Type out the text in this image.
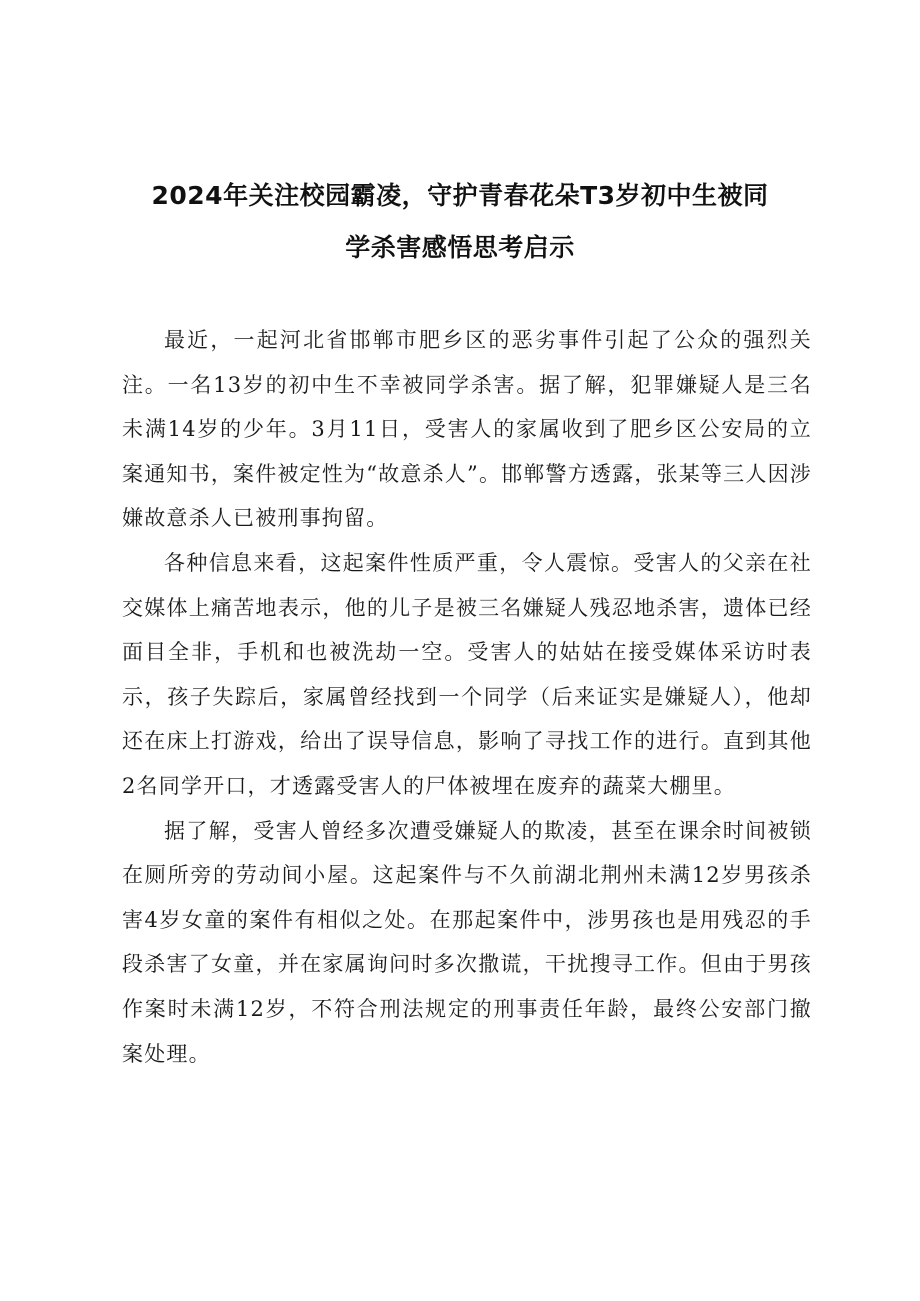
2024年关注校园霸凌，守护青春花朵T3岁初中生被同
学杀害感悟思考启示

最近，一起河北省邯郸市肥乡区的恶劣事件引起了公众的强烈关注。一名13岁的初中生不幸被同学杀害。据了解，犯罪嫌疑人是三名未满14岁的少年。3月11日，受害人的家属收到了肥乡区公安局的立案通知书，案件被定性为“故意杀人”。邯郸警方透露，张某等三人因涉嫌故意杀人已被刑事拘留。

各种信息来看，这起案件性质严重，令人震惊。受害人的父亲在社交媒体上痛苦地表示，他的儿子是被三名嫌疑人残忍地杀害，遗体已经面目全非，手机和也被洗劫一空。受害人的姑姑在接受媒体采访时表示，孩子失踪后，家属曾经找到一个同学（后来证实是嫌疑人），他却还在床上打游戏，给出了误导信息，影响了寻找工作的进行。直到其他2名同学开口，才透露受害人的尸体被埋在废弃的蔬菜大棚里。

据了解，受害人曾经多次遭受嫌疑人的欺凌，甚至在课余时间被锁在厕所旁的劳动间小屋。这起案件与不久前湖北荆州未满12岁男孩杀害4岁女童的案件有相似之处。在那起案件中，涉男孩也是用残忍的手段杀害了女童，并在家属询问时多次撒谎，干扰搜寻工作。但由于男孩作案时未满12岁，不符合刑法规定的刑事责任年龄，最终公安部门撤案处理。
